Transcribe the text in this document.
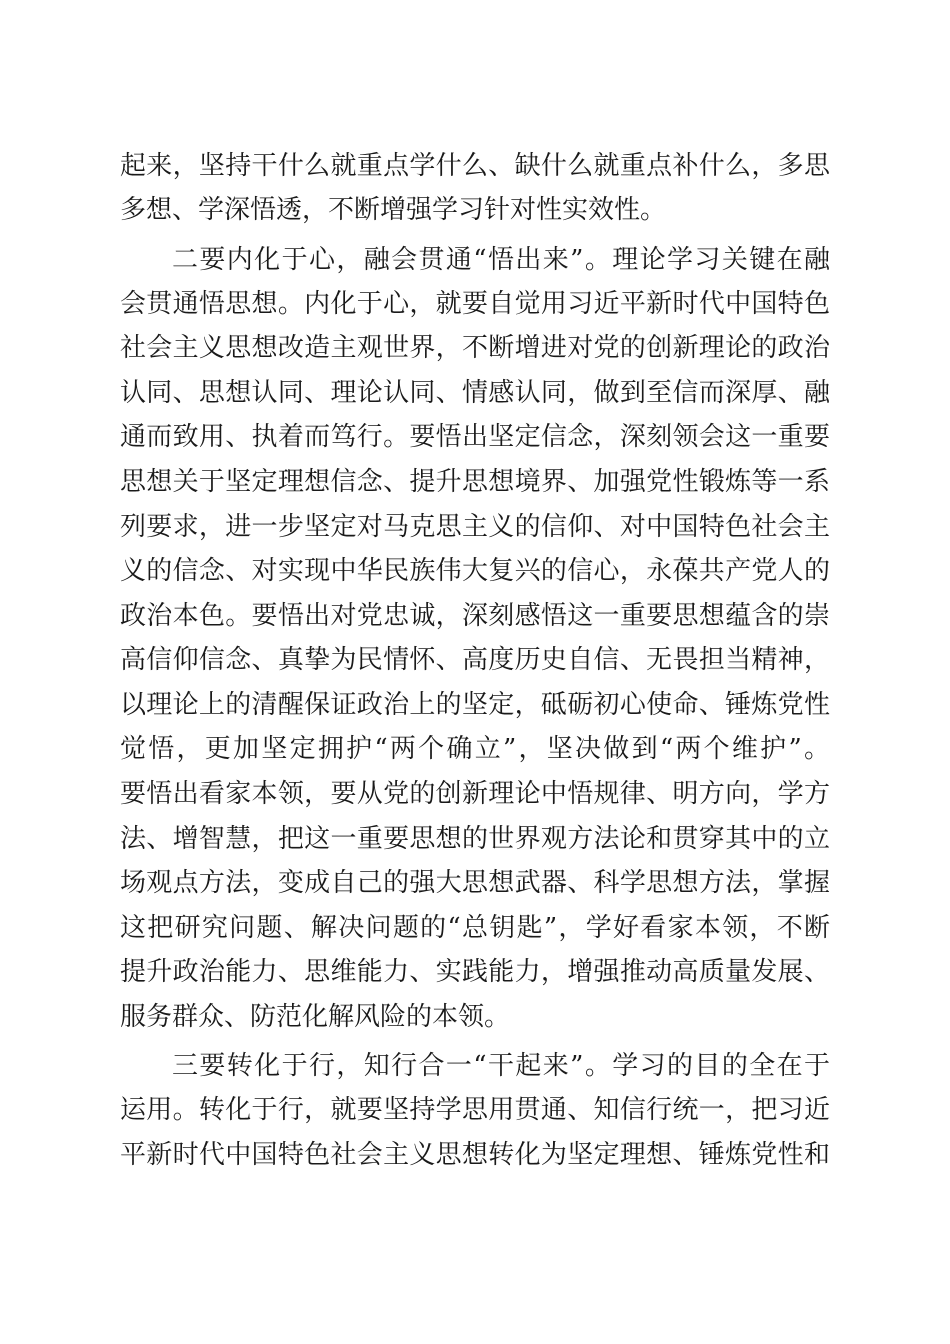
起来，坚持干什么就重点学什么、缺什么就重点补什么，多思
多想、学深悟透，不断增强学习针对性实效性。
二要内化于心，融会贯通“悟出来”。理论学习关键在融
会贯通悟思想。内化于心，就要自觉用习近平新时代中国特色
社会主义思想改造主观世界，不断增进对党的创新理论的政治
认同、思想认同、理论认同、情感认同，做到至信而深厚、融
通而致用、执着而笃行。要悟出坚定信念，深刻领会这一重要
思想关于坚定理想信念、提升思想境界、加强党性锻炼等一系
列要求，进一步坚定对马克思主义的信仰、对中国特色社会主
义的信念、对实现中华民族伟大复兴的信心，永葆共产党人的
政治本色。要悟出对党忠诚，深刻感悟这一重要思想蕴含的崇
高信仰信念、真挚为民情怀、高度历史自信、无畏担当精神，
以理论上的清醒保证政治上的坚定，砥砺初心使命、锤炼党性
觉悟，更加坚定拥护“两个确立”，坚决做到“两个维护”。
要悟出看家本领，要从党的创新理论中悟规律、明方向，学方
法、增智慧，把这一重要思想的世界观方法论和贯穿其中的立
场观点方法，变成自己的强大思想武器、科学思想方法，掌握
这把研究问题、解决问题的“总钥匙”，学好看家本领，不断
提升政治能力、思维能力、实践能力，增强推动高质量发展、
服务群众、防范化解风险的本领。
三要转化于行，知行合一“干起来”。学习的目的全在于
运用。转化于行，就要坚持学思用贯通、知信行统一，把习近
平新时代中国特色社会主义思想转化为坚定理想、锤炼党性和
